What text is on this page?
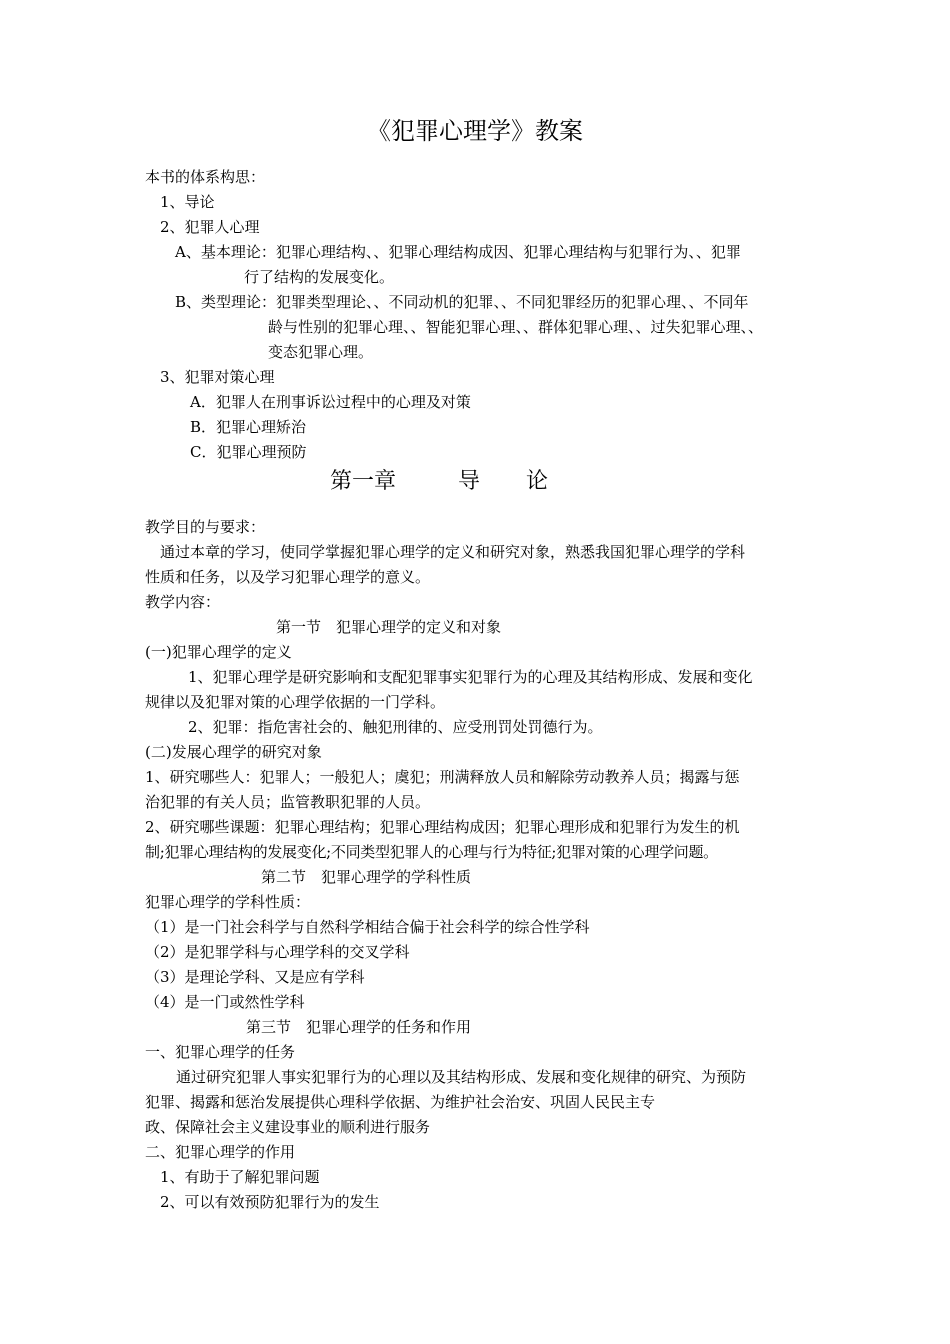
《犯罪心理学》教案
本书的体系构思：
1、导论
2、犯罪人心理
A、基本理论：犯罪心理结构、、犯罪心理结构成因、犯罪心理结构与犯罪行为、、犯罪
行了结构的发展变化。
B、类型理论：犯罪类型理论、、不同动机的犯罪、、不同犯罪经历的犯罪心理、、不同年
龄与性别的犯罪心理、、智能犯罪心理、、群体犯罪心理、、过失犯罪心理、、
变态犯罪心理。
3、犯罪对策心理
A．犯罪人在刑事诉讼过程中的心理及对策
B．犯罪心理矫治
C．犯罪心理预防
第一章	导 论
教学目的与要求：
通过本章的学习，使同学掌握犯罪心理学的定义和研究对象，熟悉我国犯罪心理学的学科
性质和任务，以及学习犯罪心理学的意义。
教学内容：
第一节　犯罪心理学的定义和对象
(一)犯罪心理学的定义
1、犯罪心理学是研究影响和支配犯罪事实犯罪行为的心理及其结构形成、发展和变化
规律以及犯罪对策的心理学依据的一门学科。
2、犯罪：指危害社会的、触犯刑律的、应受刑罚处罚德行为。
(二)发展心理学的研究对象
1、研究哪些人：犯罪人；一般犯人；虞犯；刑满释放人员和解除劳动教养人员；揭露与惩
治犯罪的有关人员；监管教职犯罪的人员。
2、研究哪些课题：犯罪心理结构；犯罪心理结构成因；犯罪心理形成和犯罪行为发生的机
制;犯罪心理结构的发展变化;不同类型犯罪人的心理与行为特征;犯罪对策的心理学问题。
第二节　犯罪心理学的学科性质
犯罪心理学的学科性质：
（1）是一门社会科学与自然科学相结合偏于社会科学的综合性学科
（2）是犯罪学科与心理学科的交叉学科
（3）是理论学科、又是应有学科
（4）是一门或然性学科
第三节　犯罪心理学的任务和作用
一、犯罪心理学的任务
通过研究犯罪人事实犯罪行为的心理以及其结构形成、发展和变化规律的研究、为预防
犯罪、揭露和惩治发展提供心理科学依据、为维护社会治安、巩固人民民主专
政、保障社会主义建设事业的顺利进行服务
二、犯罪心理学的作用
1、有助于了解犯罪问题
2、可以有效预防犯罪行为的发生
